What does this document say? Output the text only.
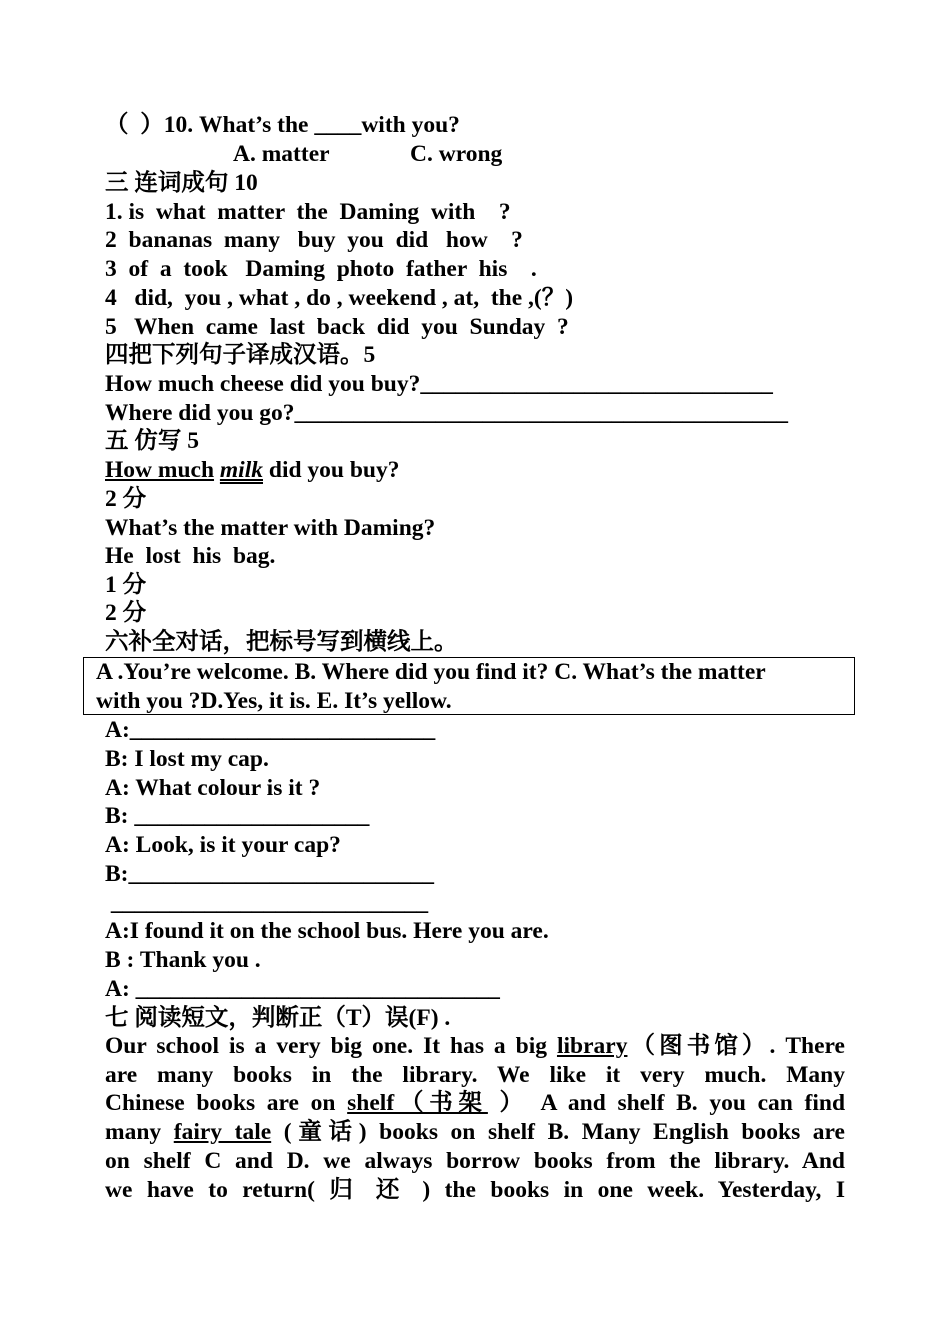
（  ）10. What’s the ____with you?
A. matter	C. wrong
三 连词成句 10
1. is  what  matter  the  Daming  with    ?
2  bananas  many   buy  you  did   how    ?
3  of  a  took   Daming  photo  father  his    .
4   did,  you , what , do , weekend , at,  the ,(？)
5   When  came  last  back  did  you  Sunday  ?
四把下列句子译成汉语。5
How much cheese did you buy?______________________________
Where did you go?__________________________________________
五 仿写 5
How much milk did you buy?
2 分
What’s the matter with Daming?
He  lost  his  bag.
1 分
2 分
六补全对话，把标号写到横线上。
A .You’re welcome. B. Where did you find it? C. What’s the matter
with you ?D.Yes, it is. E. It’s yellow.
A:__________________________
B: I lost my cap.
A: What colour is it ?
B: ____________________
A: Look, is it your cap?
B:__________________________
___________________________
A:I found it on the school bus. Here you are.
B : Thank you .
A: _______________________________
七 阅读短文，判断正（T）误(F) .
Our school is a very big one. It has a big library（图书馆）. There
are many books in the library. We like it very much. Many
Chinese books are on shelf（书架 ） A and shelf B. you can find
many fairy tale (童话) books on shelf B. Many English books are
on shelf C and D. we always borrow books from the library. And
we have to return( 归 还 ) the books in one week. Yesterday, I
